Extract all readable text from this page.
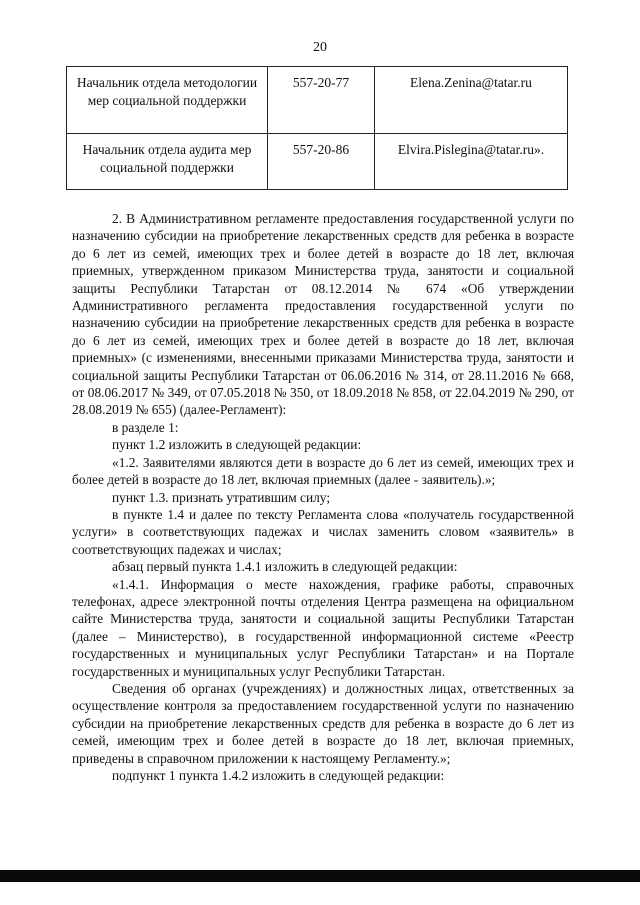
20
Начальник отдела методологии мер социальной поддержки	557-20-77	Elena.Zenina@tatar.ru
Начальник отдела аудита мер социальной поддержки	557-20-86	Elvira.Pislegina@tatar.ru».

2. В Административном регламенте предоставления государственной услуги по назначению субсидии на приобретение лекарственных средств для ребенка в возрасте до 6 лет из семей, имеющих трех и более детей в возрасте до 18 лет, включая приемных, утвержденном приказом Министерства труда, занятости и социальной защиты Республики Татарстан от 08.12.2014 № 674 «Об утверждении Административного регламента предоставления государственной услуги по назначению субсидии на приобретение лекарственных средств для ребенка в возрасте до 6 лет из семей, имеющих трех и более детей в возрасте до 18 лет, включая приемных» (с изменениями, внесенными приказами Министерства труда, занятости и социальной защиты Республики Татарстан от 06.06.2016 № 314, от 28.11.2016 № 668, от 08.06.2017 № 349, от 07.05.2018 № 350, от 18.09.2018 № 858, от 22.04.2019 № 290, от 28.08.2019 № 655) (далее-Регламент):

в разделе 1:

пункт 1.2 изложить в следующей редакции:

«1.2. Заявителями являются дети в возрасте до 6 лет из семей, имеющих трех и более детей в возрасте до 18 лет, включая приемных (далее - заявитель).»;

пункт 1.3. признать утратившим силу;

в пункте 1.4 и далее по тексту Регламента слова «получатель государственной услуги» в соответствующих падежах и числах заменить словом «заявитель» в соответствующих падежах и числах;

абзац первый пункта 1.4.1 изложить в следующей редакции:

«1.4.1. Информация о месте нахождения, графике работы, справочных телефонах, адресе электронной почты отделения Центра размещена на официальном сайте Министерства труда, занятости и социальной защиты Республики Татарстан (далее – Министерство), в государственной информационной системе «Реестр государственных и муниципальных услуг Республики Татарстан» и на Портале государственных и муниципальных услуг Республики Татарстан.

Сведения об органах (учреждениях) и должностных лицах, ответственных за осуществление контроля за предоставлением государственной услуги по назначению субсидии на приобретение лекарственных средств для ребенка в возрасте до 6 лет из семей, имеющим трех и более детей в возрасте до 18 лет, включая приемных, приведены в справочном приложении к настоящему Регламенту.»;

подпункт 1 пункта 1.4.2 изложить в следующей редакции:
